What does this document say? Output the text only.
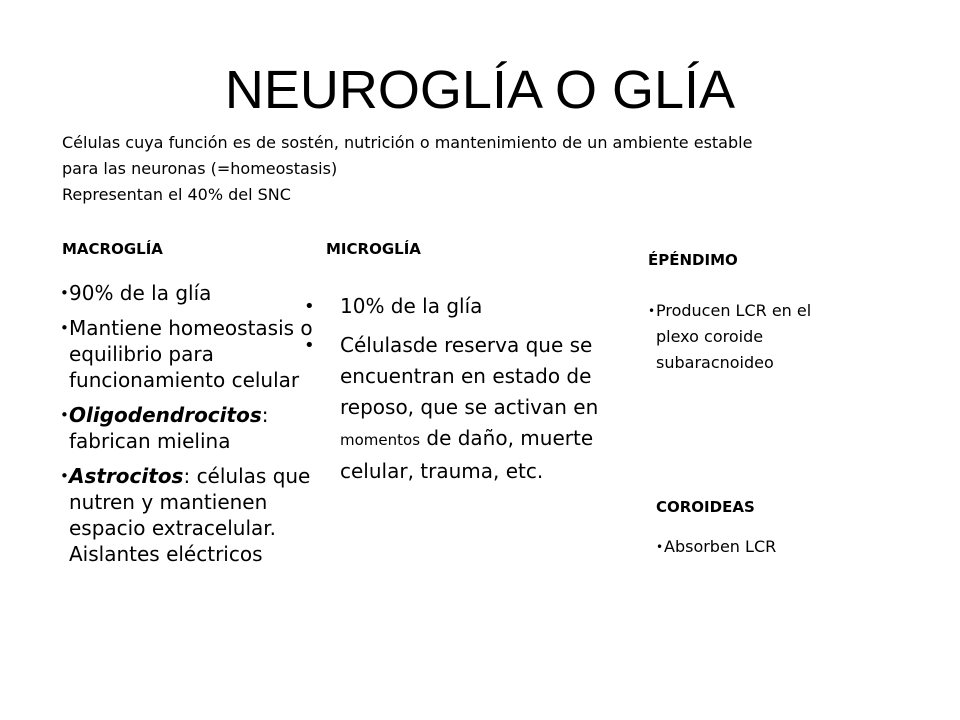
NEUROGLÍA O GLÍA
Células cuya función es de sostén, nutrición o mantenimiento de un ambiente estable
para las neuronas (=homeostasis)
Representan el 40% del SNC
MACROGLÍA
• 90% de la glía
• Mantiene homeostasis o equilibrio para funcionamiento celular
• Oligodendrocitos: fabrican mielina
• Astrocitos: células que nutren y mantienen espacio extracelular. Aislantes eléctricos
MICROGLÍA
• 10% de la glía
• Célulasde reserva que se encuentran en estado de reposo, que se activan en momentos de daño, muerte celular, trauma, etc.
ÉPÉNDIMO
• Producen LCR en el plexo coroide subaracnoideo
COROIDEAS
• Absorben LCR
